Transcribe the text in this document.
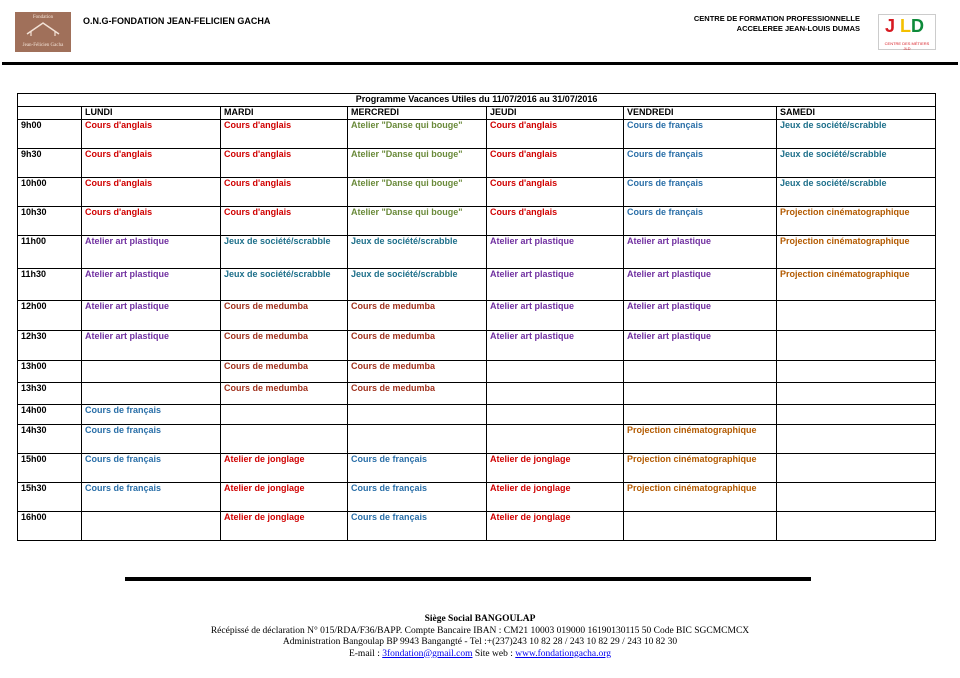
Fondation
Jean-Félicien Gacha
O.N.G-FONDATION JEAN-FELICIEN GACHA	CENTRE DE FORMATION PROFESSIONNELLE
ACCELEREE JEAN-LOUIS DUMAS J LD
CENTRE DES MÉTIERS JLD
Programme Vacances Utiles du 11/07/2016 au 31/07/2016						
	LUNDI	MARDI	MERCREDI	JEUDI	VENDREDI	SAMEDI
9h00	Cours d'anglais	Cours d'anglais	Atelier "Danse qui bouge"	Cours d'anglais	Cours de français	Jeux de société/scrabble
9h30	Cours d'anglais	Cours d'anglais	Atelier "Danse qui bouge"	Cours d'anglais	Cours de français	Jeux de société/scrabble
10h00	Cours d'anglais	Cours d'anglais	Atelier "Danse qui bouge"	Cours d'anglais	Cours de français	Jeux de société/scrabble
10h30	Cours d'anglais	Cours d'anglais	Atelier "Danse qui bouge"	Cours d'anglais	Cours de français	Projection cinématographique
11h00	Atelier art plastique	Jeux de société/scrabble	Jeux de société/scrabble	Atelier art plastique	Atelier art plastique	Projection cinématographique
11h30	Atelier art plastique	Jeux de société/scrabble	Jeux de société/scrabble	Atelier art plastique	Atelier art plastique	Projection cinématographique
12h00	Atelier art plastique	Cours de medumba	Cours de medumba	Atelier art plastique	Atelier art plastique	
12h30	Atelier art plastique	Cours de medumba	Cours de medumba	Atelier art plastique	Atelier art plastique	
13h00		Cours de medumba	Cours de medumba			
13h30		Cours de medumba	Cours de medumba			
14h00	Cours de français					
14h30	Cours de français				Projection cinématographique	
15h00	Cours de français	Atelier de jonglage	Cours de français	Atelier de jonglage	Projection cinématographique	
15h30	Cours de français	Atelier de jonglage	Cours de français	Atelier de jonglage	Projection cinématographique	
16h00		Atelier de jonglage	Cours de français	Atelier de jonglage		
Siège Social BANGOULAP
Récépissé de déclaration N° 015/RDA/F36/BAPP. Compte Bancaire IBAN : CM21 10003 019000 16190130115 50 Code BIC SGCMCMCX
Administration Bangoulap BP 9943 Bangangté - Tel :+(237)243 10 82 28 / 243 10 82 29 / 243 10 82 30
E-mail : 3fondation@gmail.com Site web : www.fondationgacha.org
